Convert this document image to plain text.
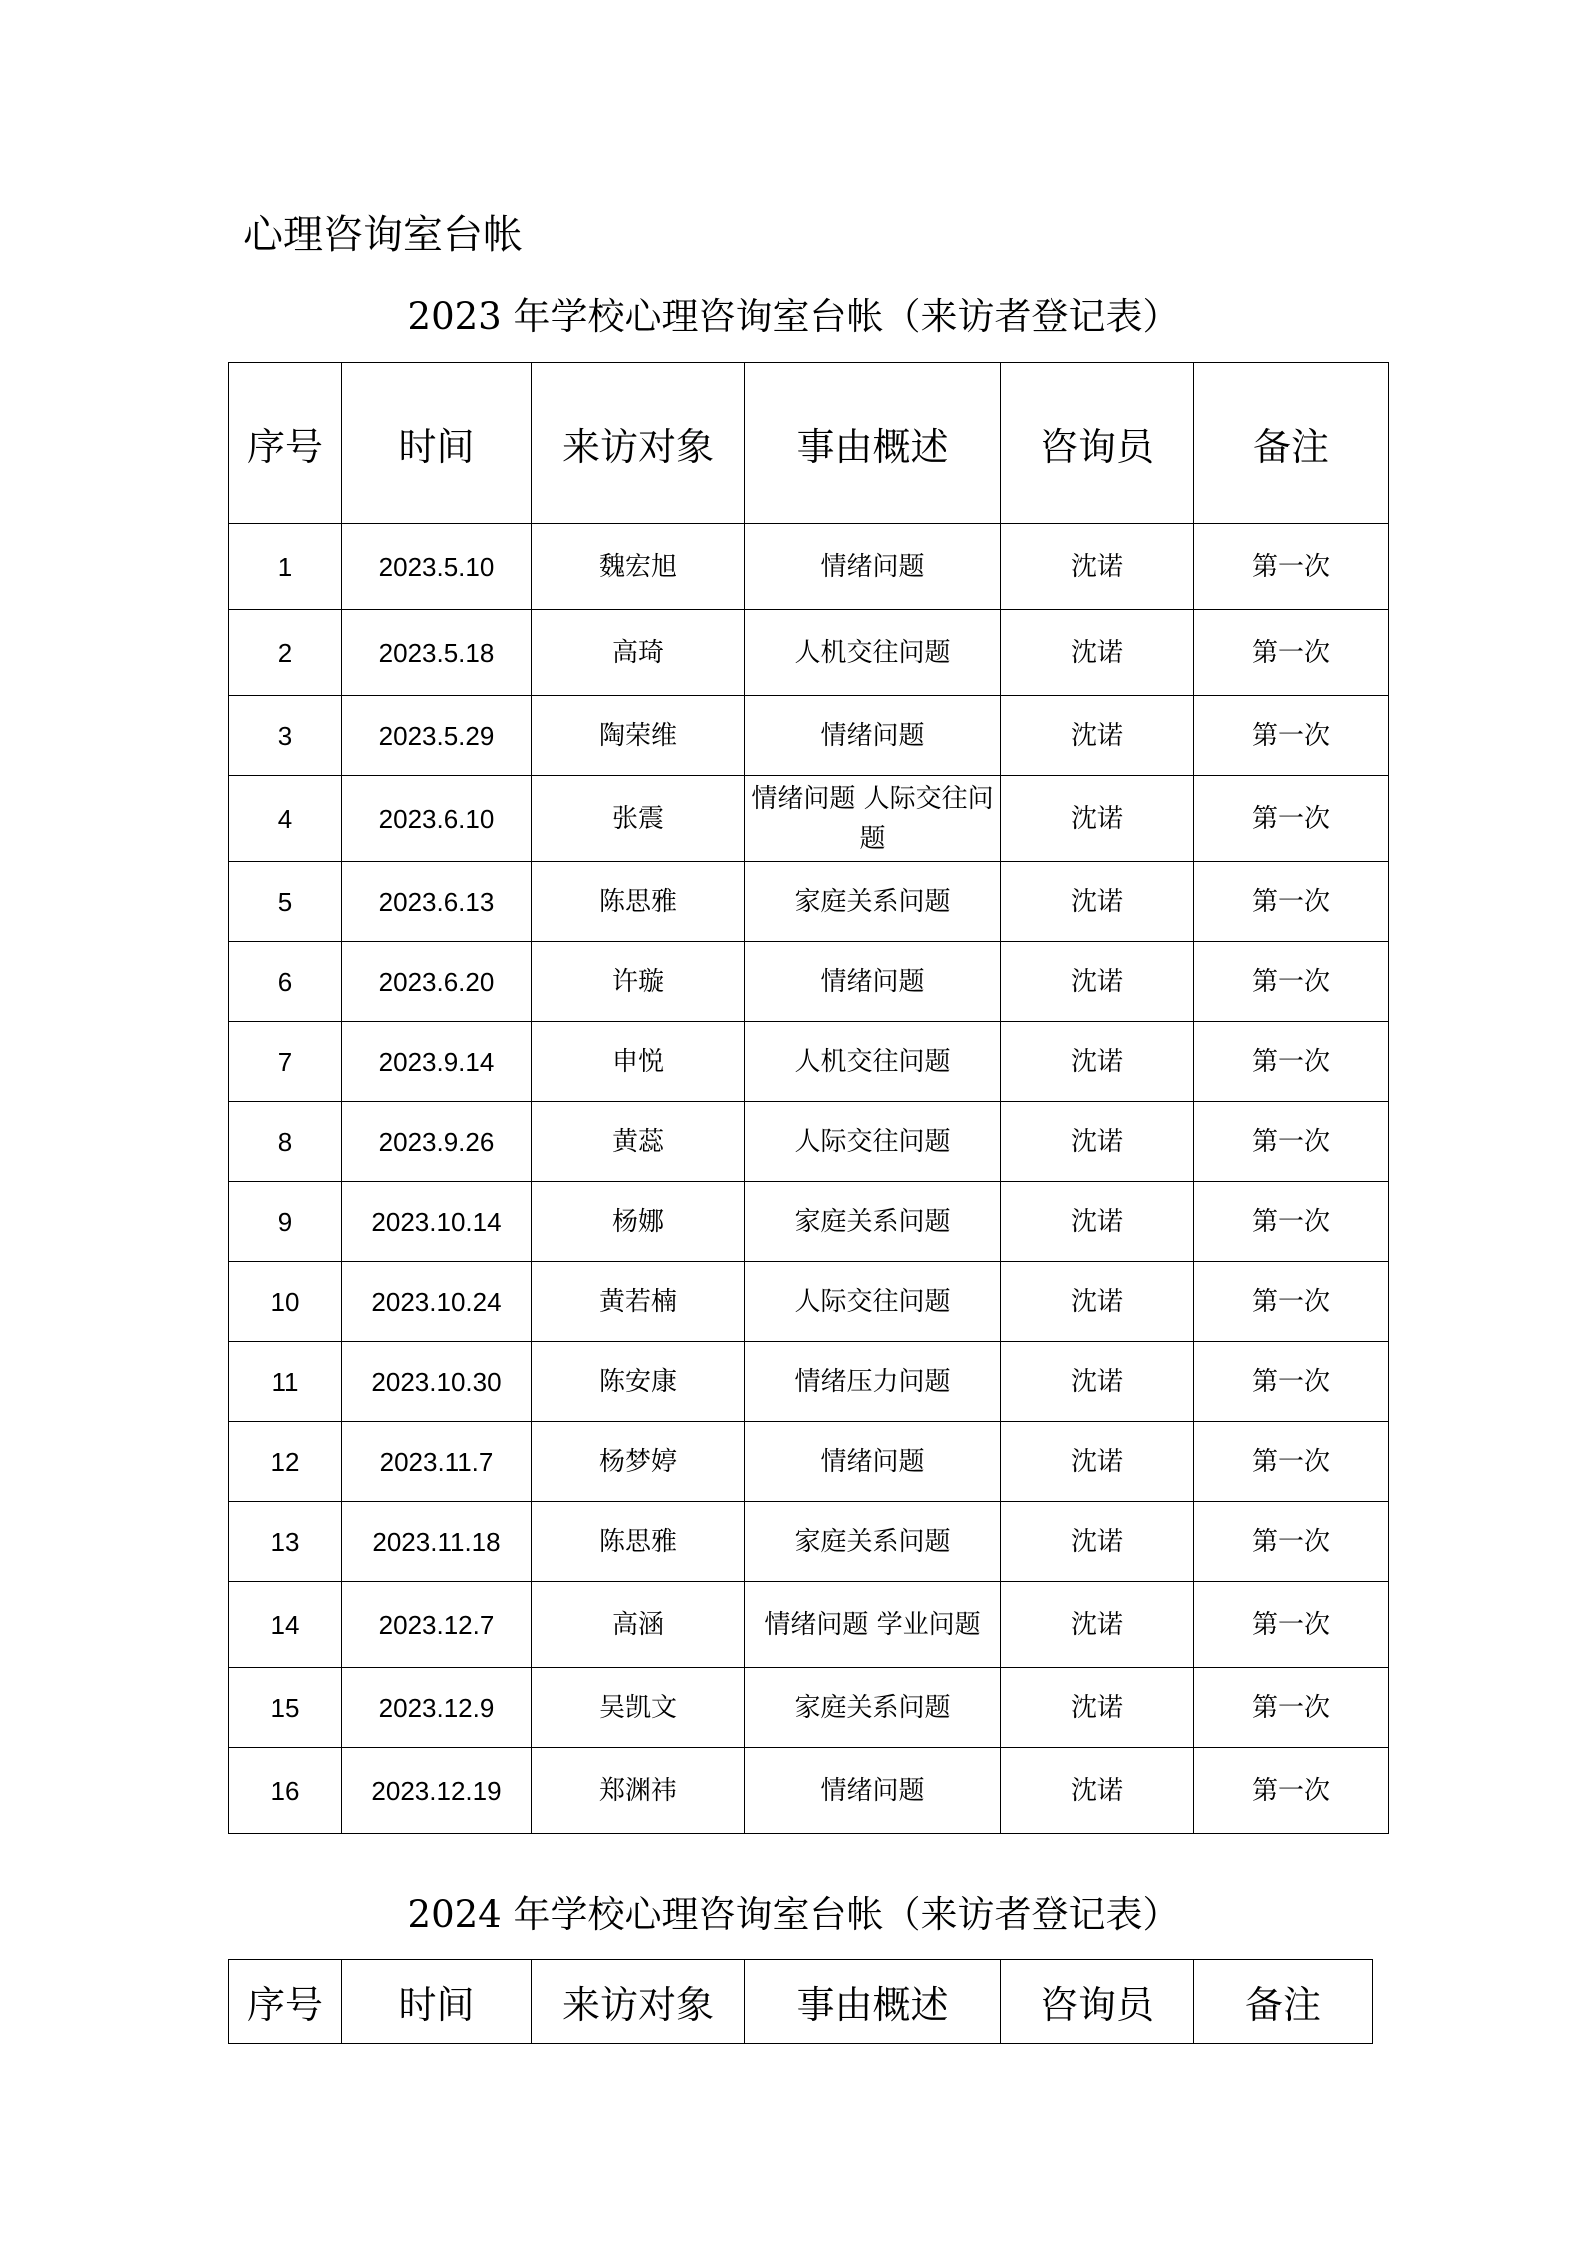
心理咨询室台帐
2023 年学校心理咨询室台帐（来访者登记表）
序号	时间	来访对象	事由概述	咨询员	备注
1	2023.5.10	魏宏旭	情绪问题	沈诺	第一次
2	2023.5.18	高琦	人机交往问题	沈诺	第一次
3	2023.5.29	陶荣维	情绪问题	沈诺	第一次
4	2023.6.10	张震	情绪问题 人际交往问题	沈诺	第一次
5	2023.6.13	陈思雅	家庭关系问题	沈诺	第一次
6	2023.6.20	许璇	情绪问题	沈诺	第一次
7	2023.9.14	申悦	人机交往问题	沈诺	第一次
8	2023.9.26	黄蕊	人际交往问题	沈诺	第一次
9	2023.10.14	杨娜	家庭关系问题	沈诺	第一次
10	2023.10.24	黄若楠	人际交往问题	沈诺	第一次
11	2023.10.30	陈安康	情绪压力问题	沈诺	第一次
12	2023.11.7	杨梦婷	情绪问题	沈诺	第一次
13	2023.11.18	陈思雅	家庭关系问题	沈诺	第一次
14	2023.12.7	高涵	情绪问题 学业问题	沈诺	第一次
15	2023.12.9	吴凯文	家庭关系问题	沈诺	第一次
16	2023.12.19	郑渊祎	情绪问题	沈诺	第一次
2024 年学校心理咨询室台帐（来访者登记表）
序号	时间	来访对象	事由概述	咨询员	备注
